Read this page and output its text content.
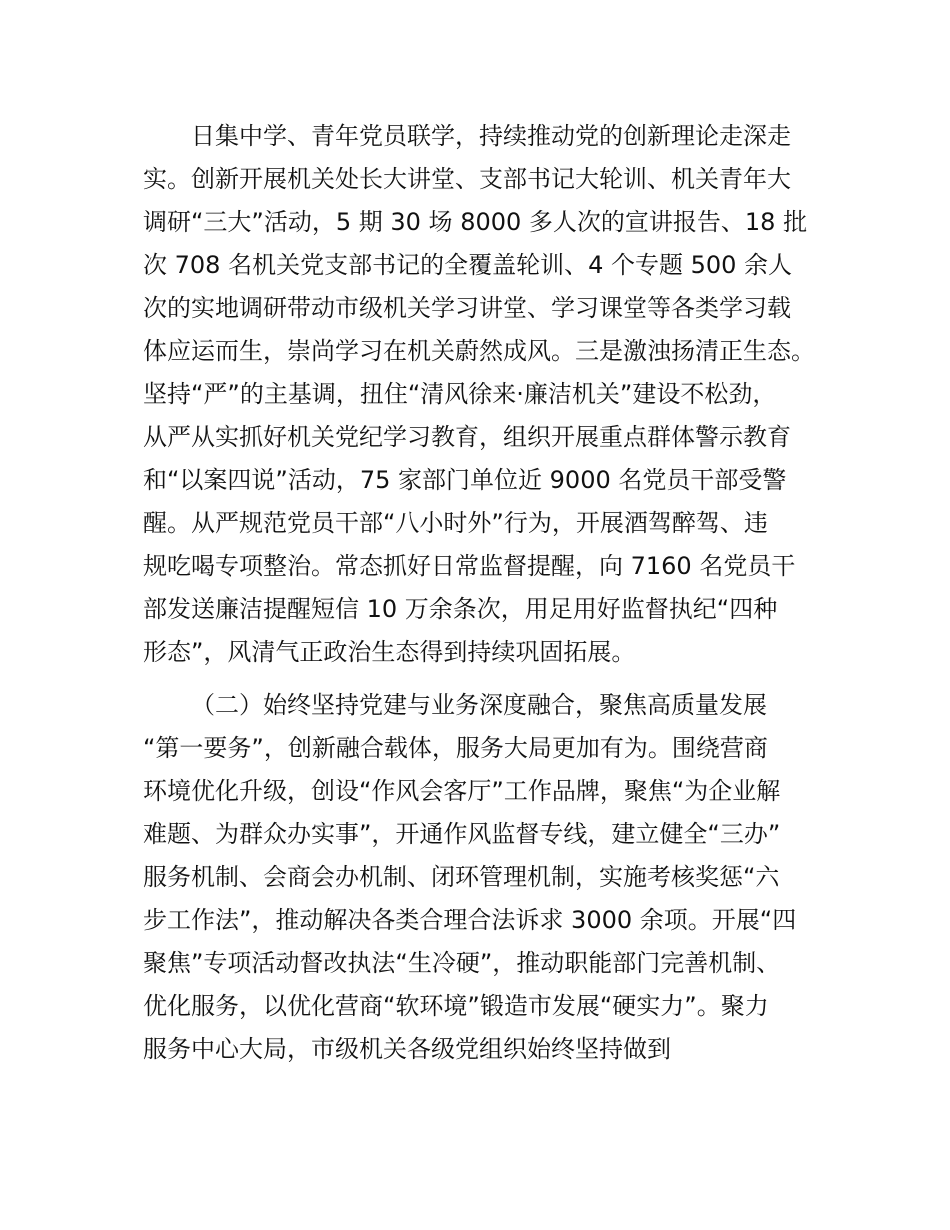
日集中学、青年党员联学，持续推动党的创新理论走深走
实。创新开展机关处长大讲堂、支部书记大轮训、机关青年大
调研“三大”活动，5 期 30 场 8000 多人次的宣讲报告、18 批
次 708 名机关党支部书记的全覆盖轮训、4 个专题 500 余人
次的实地调研带动市级机关学习讲堂、学习课堂等各类学习载
体应运而生，崇尚学习在机关蔚然成风。三是激浊扬清正生态。
坚持“严”的主基调，扭住“清风徐来·廉洁机关”建设不松劲，
从严从实抓好机关党纪学习教育，组织开展重点群体警示教育
和“以案四说”活动，75 家部门单位近 9000 名党员干部受警
醒。从严规范党员干部“八小时外”行为，开展酒驾醉驾、违
规吃喝专项整治。常态抓好日常监督提醒，向 7160 名党员干
部发送廉洁提醒短信 10 万余条次，用足用好监督执纪“四种
形态”，风清气正政治生态得到持续巩固拓展。
（二）始终坚持党建与业务深度融合，聚焦高质量发展
“第一要务”，创新融合载体，服务大局更加有为。围绕营商
环境优化升级，创设“作风会客厅”工作品牌，聚焦“为企业解
难题、为群众办实事”，开通作风监督专线，建立健全“三办”
服务机制、会商会办机制、闭环管理机制，实施考核奖惩“六
步工作法”，推动解决各类合理合法诉求 3000 余项。开展“四
聚焦”专项活动督改执法“生冷硬”，推动职能部门完善机制、
优化服务，以优化营商“软环境”锻造市发展“硬实力”。聚力
服务中心大局，市级机关各级党组织始终坚持做到
